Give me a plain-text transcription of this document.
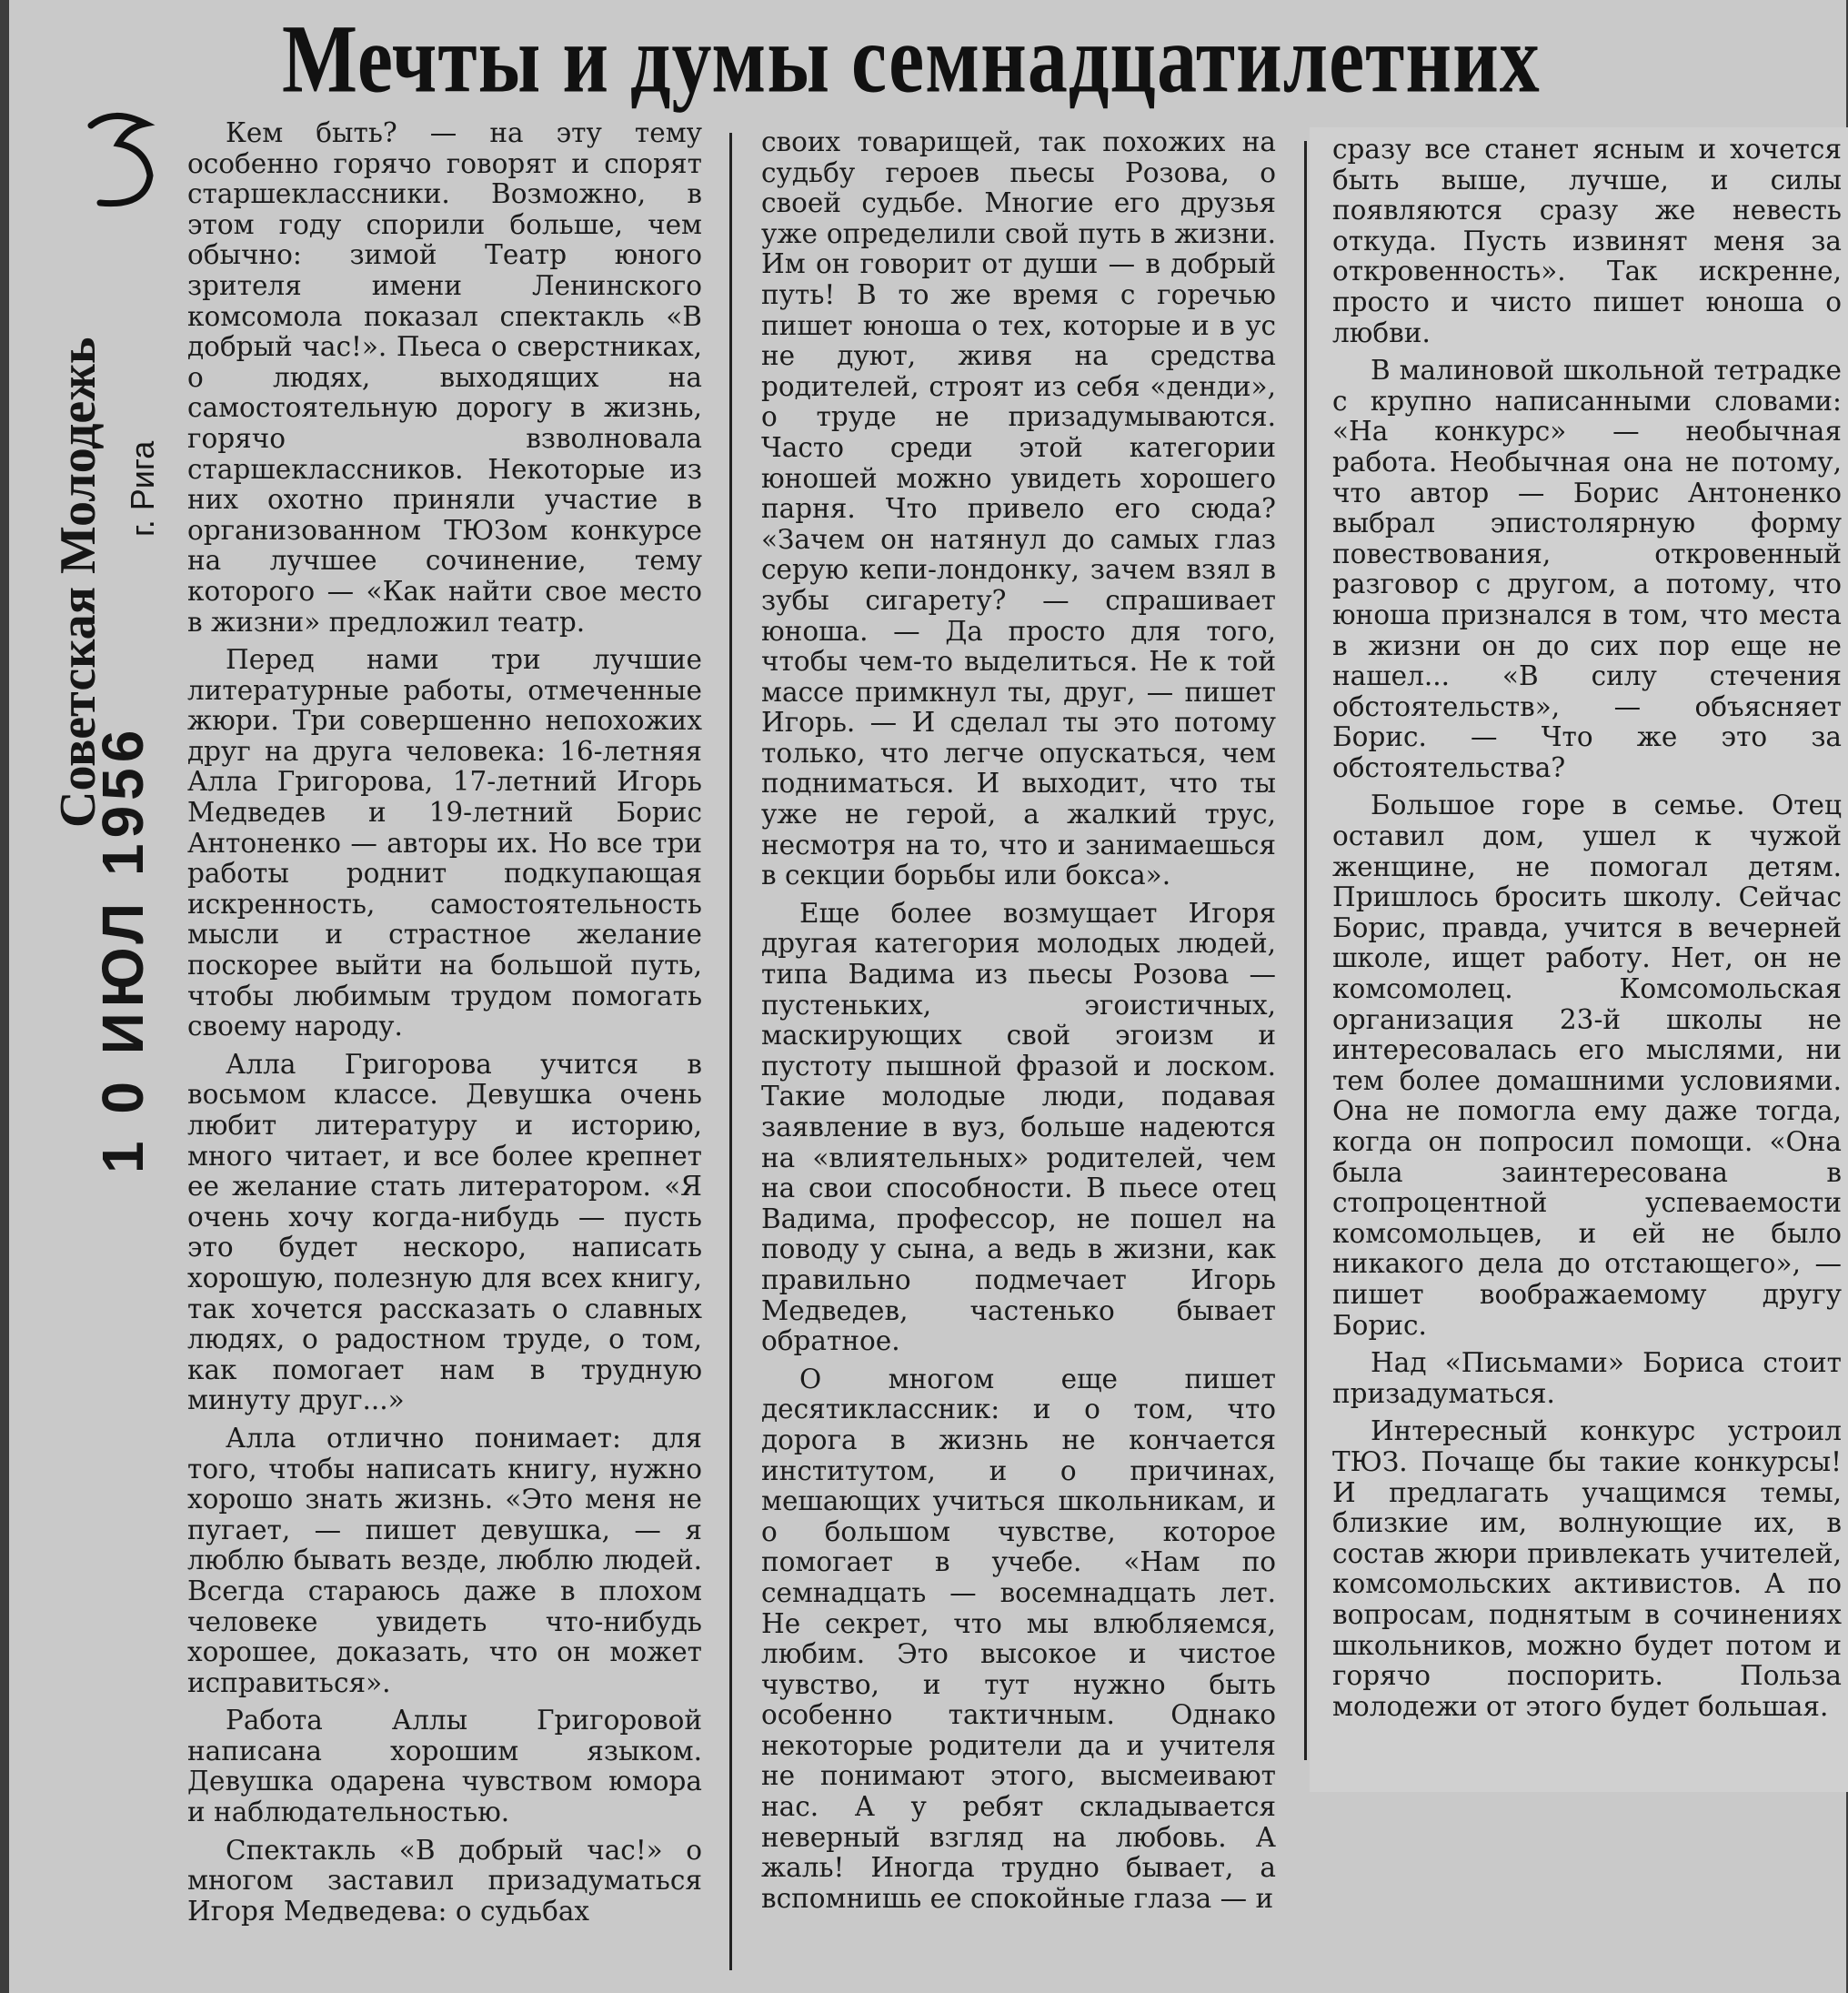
Мечты и думы семнадцатилетних
Советская Молодежь г. Рига
1 0 ИЮЛ 1956

Кем быть? — на эту тему особенно горячо говорят и спорят старшеклассники. Возможно, в этом году спорили больше, чем обычно: зимой Театр юного зрителя имени Ленинского комсомола показал спектакль «В добрый час!». Пьеса о сверстниках, о людях, выходящих на самостоятельную дорогу в жизнь, горячо взволновала старшеклассников. Некоторые из них охотно приняли участие в организованном ТЮЗом конкурсе на лучшее сочинение, тему которого — «Как найти свое место в жизни» предложил театр.

Перед нами три лучшие литературные работы, отмеченные жюри. Три совершенно непохожих друг на друга человека: 16-летняя Алла Григорова, 17-летний Игорь Медведев и 19-летний Борис Антоненко — авторы их. Но все три работы роднит подкупающая искренность, самостоятельность мысли и страстное желание поскорее выйти на большой путь, чтобы любимым трудом помогать своему народу.

Алла Григорова учится в восьмом классе. Девушка очень любит литературу и историю, много читает, и все более крепнет ее желание стать литератором. «Я очень хочу когда-нибудь — пусть это будет нескоро, написать хорошую, полезную для всех книгу, так хочется рассказать о славных людях, о радостном труде, о том, как помогает нам в трудную минуту друг...»

Алла отлично понимает: для того, чтобы написать книгу, нужно хорошо знать жизнь. «Это меня не пугает, — пишет девушка, — я люблю бывать везде, люблю людей. Всегда стараюсь даже в плохом человеке увидеть что-нибудь хорошее, доказать, что он может исправиться».

Работа Аллы Григоровой написана хорошим языком. Девушка одарена чувством юмора и наблюдательностью.

Спектакль «В добрый час!» о многом заставил призадуматься Игоря Медведева: о судьбах

своих товарищей, так похожих на судьбу героев пьесы Розова, о своей судьбе. Многие его друзья уже определили свой путь в жизни. Им он говорит от души — в добрый путь! В то же время с горечью пишет юноша о тех, которые и в ус не дуют, живя на средства родителей, строят из себя «денди», о труде не призадумываются. Часто среди этой категории юношей можно увидеть хорошего парня. Что привело его сюда? «Зачем он натянул до самых глаз серую кепи-лондонку, зачем взял в зубы сигарету? — спрашивает юноша. — Да просто для того, чтобы чем-то выделиться. Не к той массе примкнул ты, друг, — пишет Игорь. — И сделал ты это потому только, что легче опускаться, чем подниматься. И выходит, что ты уже не герой, а жалкий трус, несмотря на то, что и занимаешься в секции борьбы или бокса».

Еще более возмущает Игоря другая категория молодых людей, типа Вадима из пьесы Розова — пустеньких, эгоистичных, маскирующих свой эгоизм и пустоту пышной фразой и лоском. Такие молодые люди, подавая заявление в вуз, больше надеются на «влиятельных» родителей, чем на свои способности. В пьесе отец Вадима, профессор, не пошел на поводу у сына, а ведь в жизни, как правильно подмечает Игорь Медведев, частенько бывает обратное.

О многом еще пишет десятиклассник: и о том, что дорога в жизнь не кончается институтом, и о причинах, мешающих учиться школьникам, и о большом чувстве, которое помогает в учебе. «Нам по семнадцать — восемнадцать лет. Не секрет, что мы влюбляемся, любим. Это высокое и чистое чувство, и тут нужно быть особенно тактичным. Однако некоторые родители да и учителя не понимают этого, высмеивают нас. А у ребят складывается неверный взгляд на любовь. А жаль! Иногда трудно бывает, а вспомнишь ее спокойные глаза — и

сразу все станет ясным и хочется быть выше, лучше, и силы появляются сразу же невесть откуда. Пусть извинят меня за откровенность». Так искренне, просто и чисто пишет юноша о любви.

В малиновой школьной тетрадке с крупно написанными словами: «На конкурс» — необычная работа. Необычная она не потому, что автор — Борис Антоненко выбрал эпистолярную форму повествования, откровенный разговор с другом, а потому, что юноша признался в том, что места в жизни он до сих пор еще не нашел... «В силу стечения обстоятельств», — объясняет Борис. — Что же это за обстоятельства?

Большое горе в семье. Отец оставил дом, ушел к чужой женщине, не помогал детям. Пришлось бросить школу. Сейчас Борис, правда, учится в вечерней школе, ищет работу. Нет, он не комсомолец. Комсомольская организация 23-й школы не интересовалась его мыслями, ни тем более домашними условиями. Она не помогла ему даже тогда, когда он попросил помощи. «Она была заинтересована в стопроцентной успеваемости комсомольцев, и ей не было никакого дела до отстающего», — пишет воображаемому другу Борис.

Над «Письмами» Бориса стоит призадуматься.

Интересный конкурс устроил ТЮЗ. Почаще бы такие конкурсы! И предлагать учащимся темы, близкие им, волнующие их, в состав жюри привлекать учителей, комсомольских активистов. А по вопросам, поднятым в сочинениях школьников, можно будет потом и горячо поспорить. Польза молодежи от этого будет большая.
